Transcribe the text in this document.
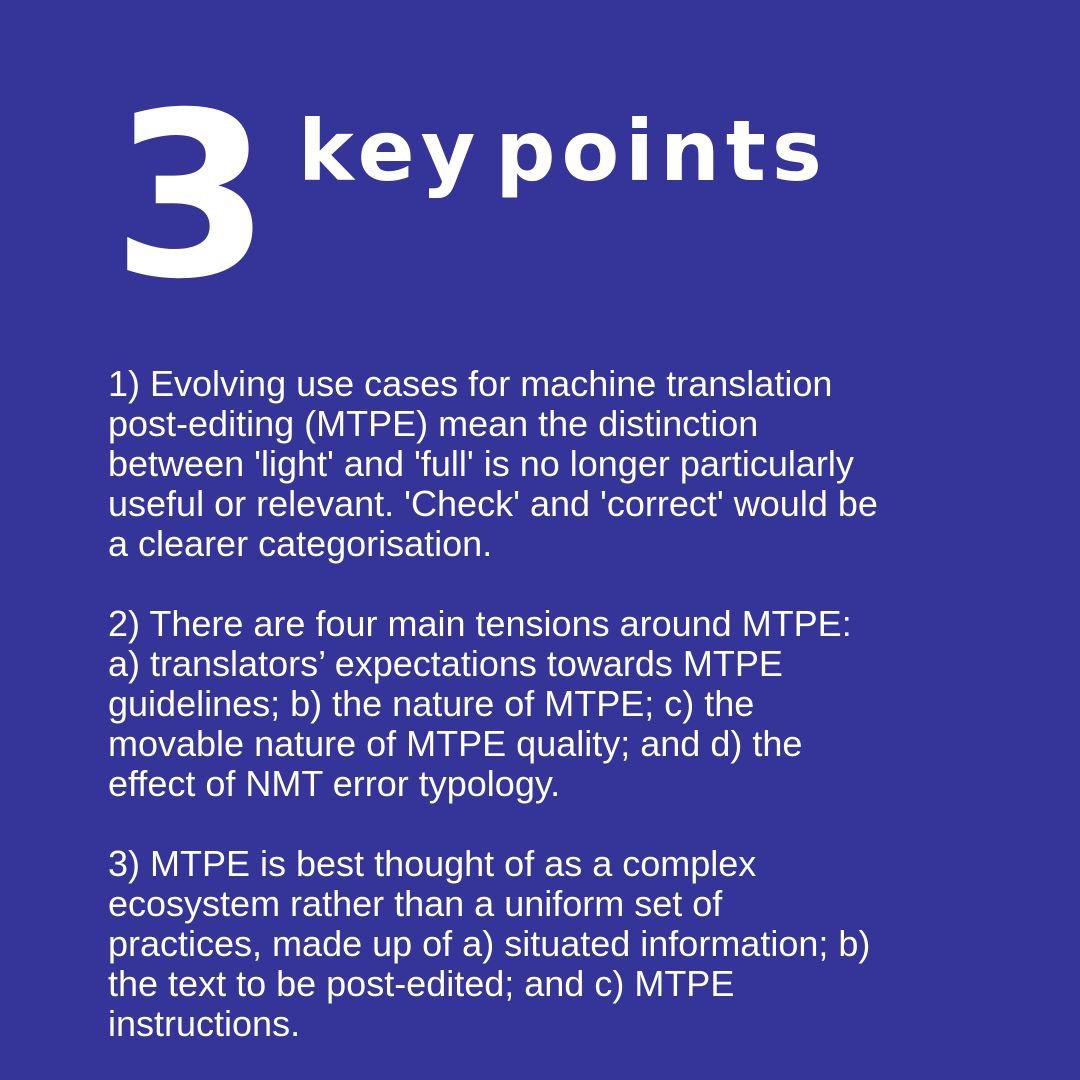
3 key points
1) Evolving use cases for machine translation
post-editing (MTPE) mean the distinction
between 'light' and 'full' is no longer particularly
useful or relevant. 'Check' and 'correct' would be
a clearer categorisation.
2) There are four main tensions around MTPE:
a) translators’ expectations towards MTPE
guidelines; b) the nature of MTPE; c) the
movable nature of MTPE quality; and d) the
effect of NMT error typology.
3) MTPE is best thought of as a complex
ecosystem rather than a uniform set of
practices, made up of a) situated information; b)
the text to be post-edited; and c) MTPE
instructions.
